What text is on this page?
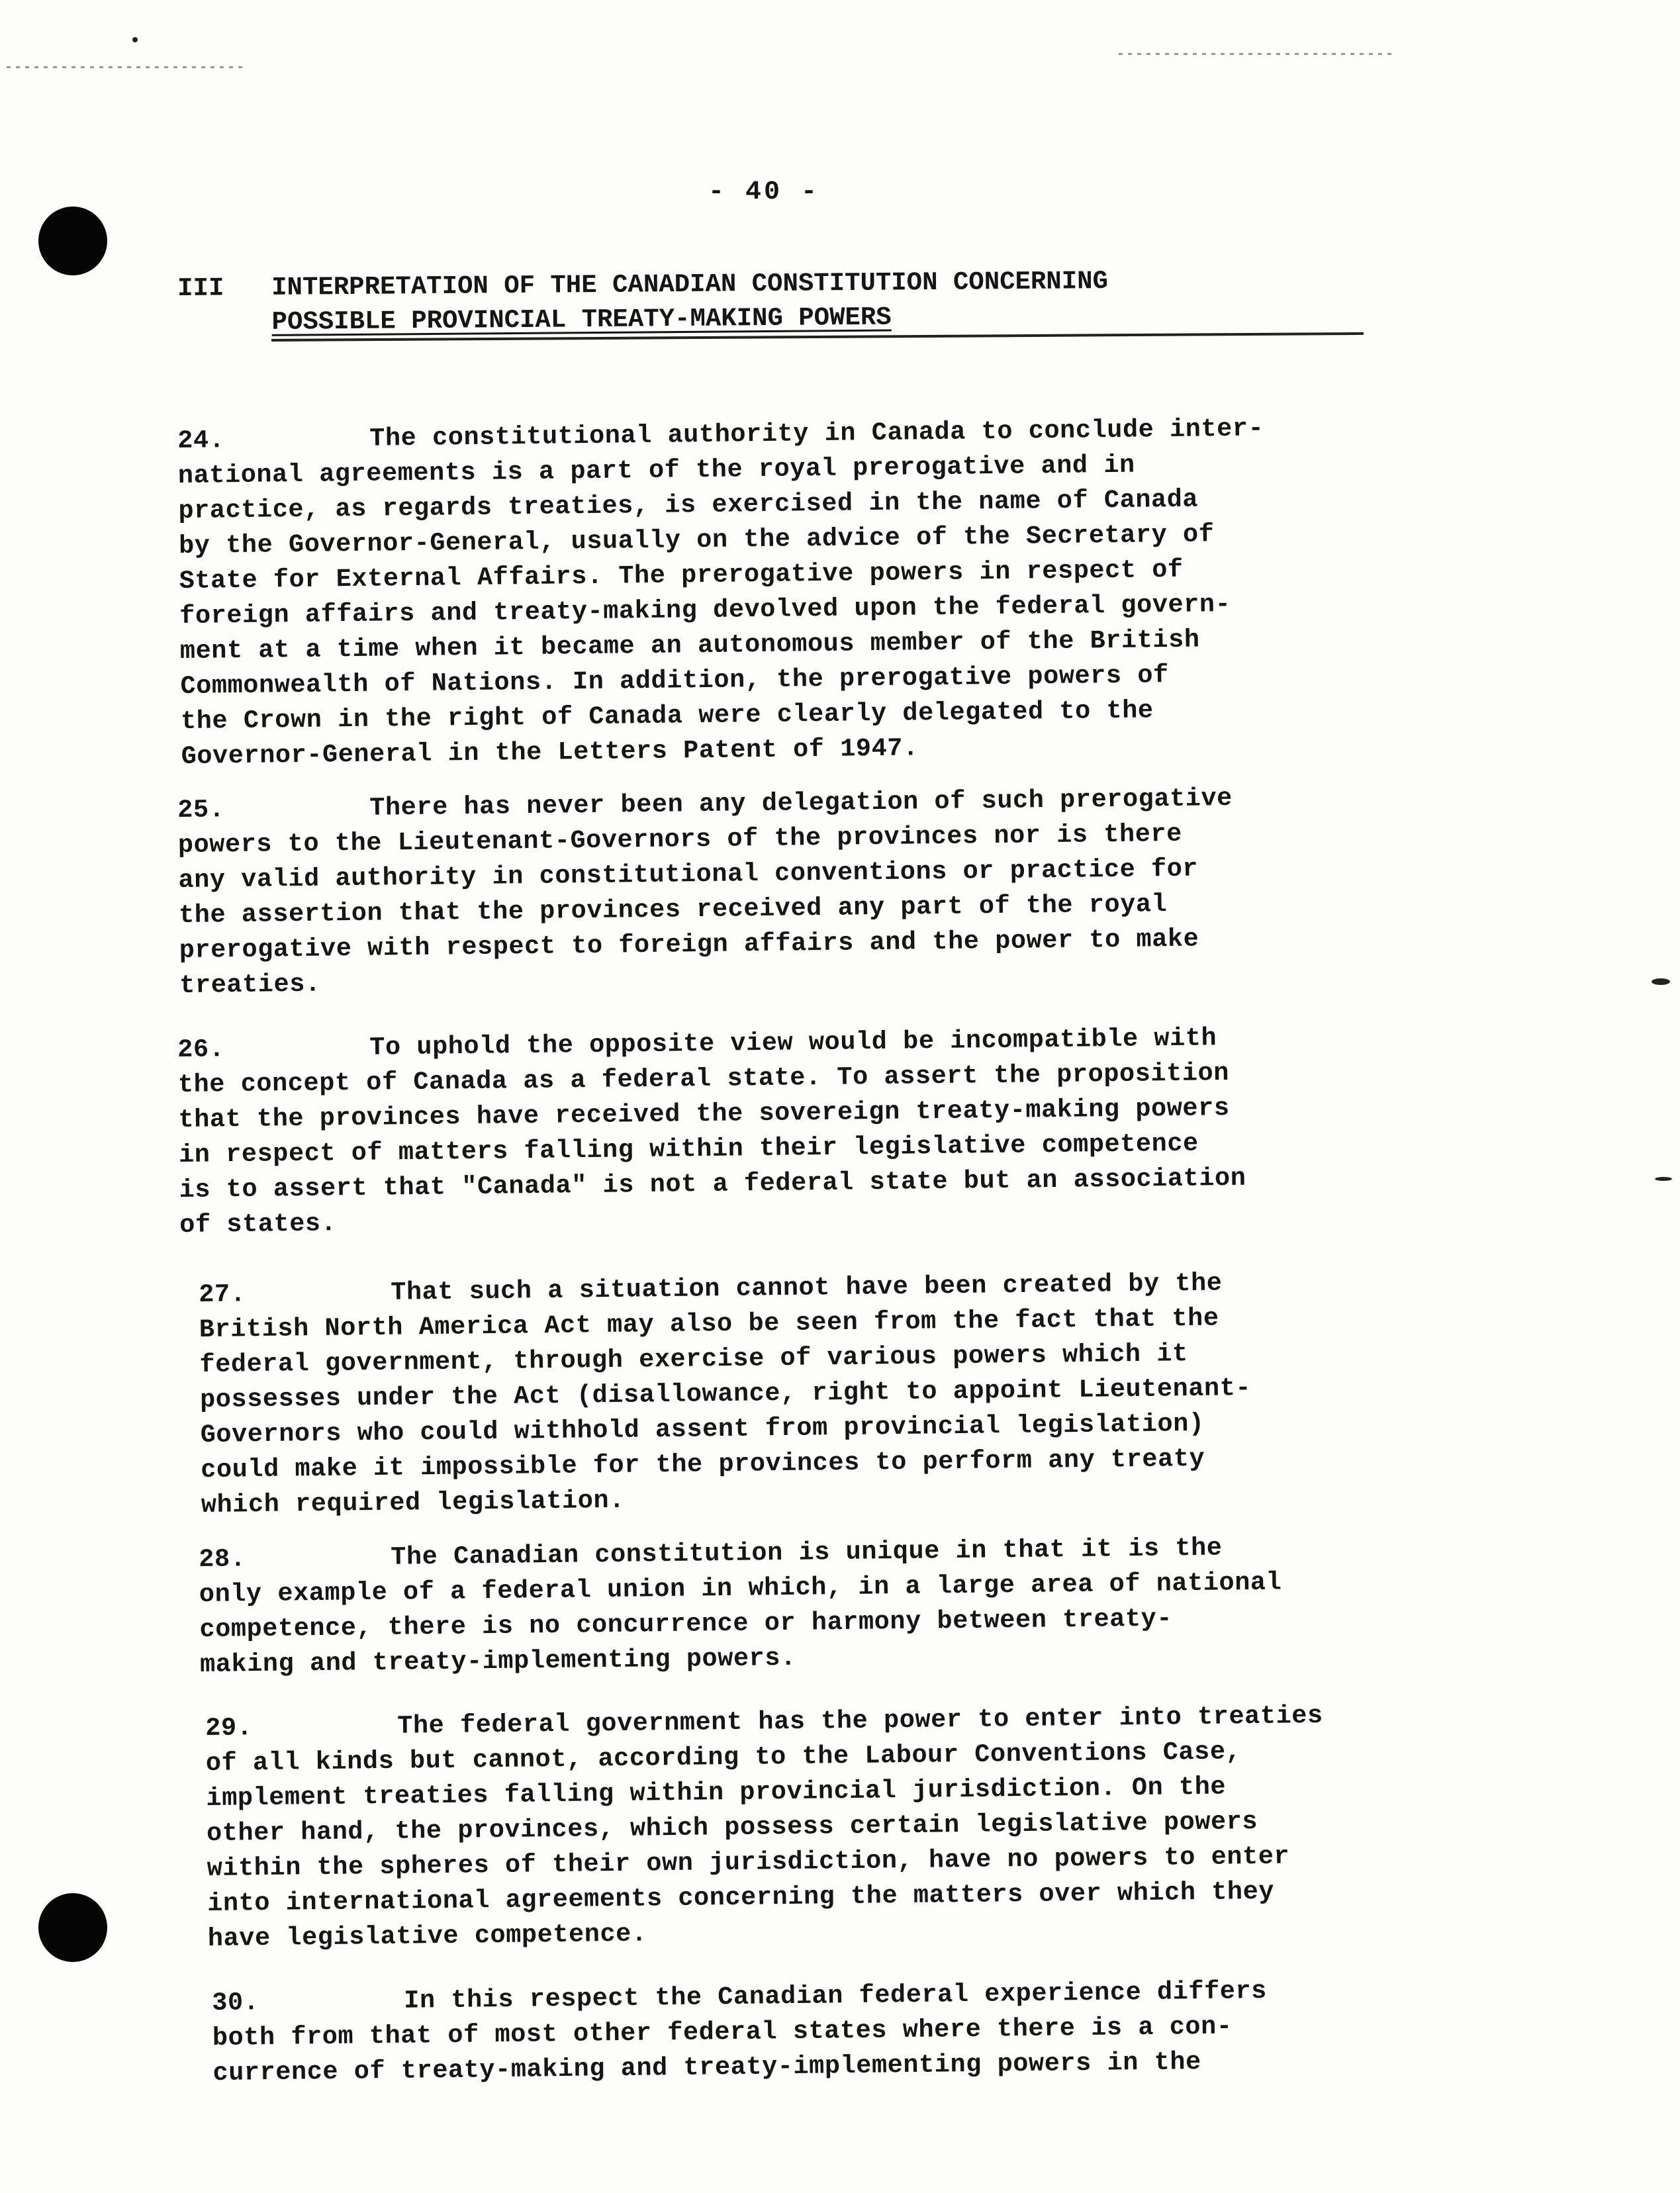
- 40 -
III INTERPRETATION OF THE CANADIAN CONSTITUTION CONCERNING
POSSIBLE PROVINCIAL TREATY-MAKING POWERS
24.	The constitutional authority in Canada to conclude inter-
national agreements is a part of the royal prerogative and in
practice, as regards treaties, is exercised in the name of Canada
by the Governor-General, usually on the advice of the Secretary of
State for External Affairs. The prerogative powers in respect of
foreign affairs and treaty-making devolved upon the federal govern-
ment at a time when it became an autonomous member of the British
Commonwealth of Nations. In addition, the prerogative powers of
the Crown in the right of Canada were clearly delegated to the
Governor-General in the Letters Patent of 1947.
25.	There has never been any delegation of such prerogative
powers to the Lieutenant-Governors of the provinces nor is there
any valid authority in constitutional conventions or practice for
the assertion that the provinces received any part of the royal
prerogative with respect to foreign affairs and the power to make
treaties.
26.	To uphold the opposite view would be incompatible with
the concept of Canada as a federal state. To assert the proposition
that the provinces have received the sovereign treaty-making powers
in respect of matters falling within their legislative competence
is to assert that "Canada" is not a federal state but an association
of states.
27.	That such a situation cannot have been created by the
British North America Act may also be seen from the fact that the
federal government, through exercise of various powers which it
possesses under the Act (disallowance, right to appoint Lieutenant-
Governors who could withhold assent from provincial legislation)
could make it impossible for the provinces to perform any treaty
which required legislation.
28.	The Canadian constitution is unique in that it is the
only example of a federal union in which, in a large area of national
competence, there is no concurrence or harmony between treaty-
making and treaty-implementing powers.
29.	The federal government has the power to enter into treaties
of all kinds but cannot, according to the Labour Conventions Case,
implement treaties falling within provincial jurisdiction. On the
other hand, the provinces, which possess certain legislative powers
within the spheres of their own jurisdiction, have no powers to enter
into international agreements concerning the matters over which they
have legislative competence.
30.	In this respect the Canadian federal experience differs
both from that of most other federal states where there is a con-
currence of treaty-making and treaty-implementing powers in the
